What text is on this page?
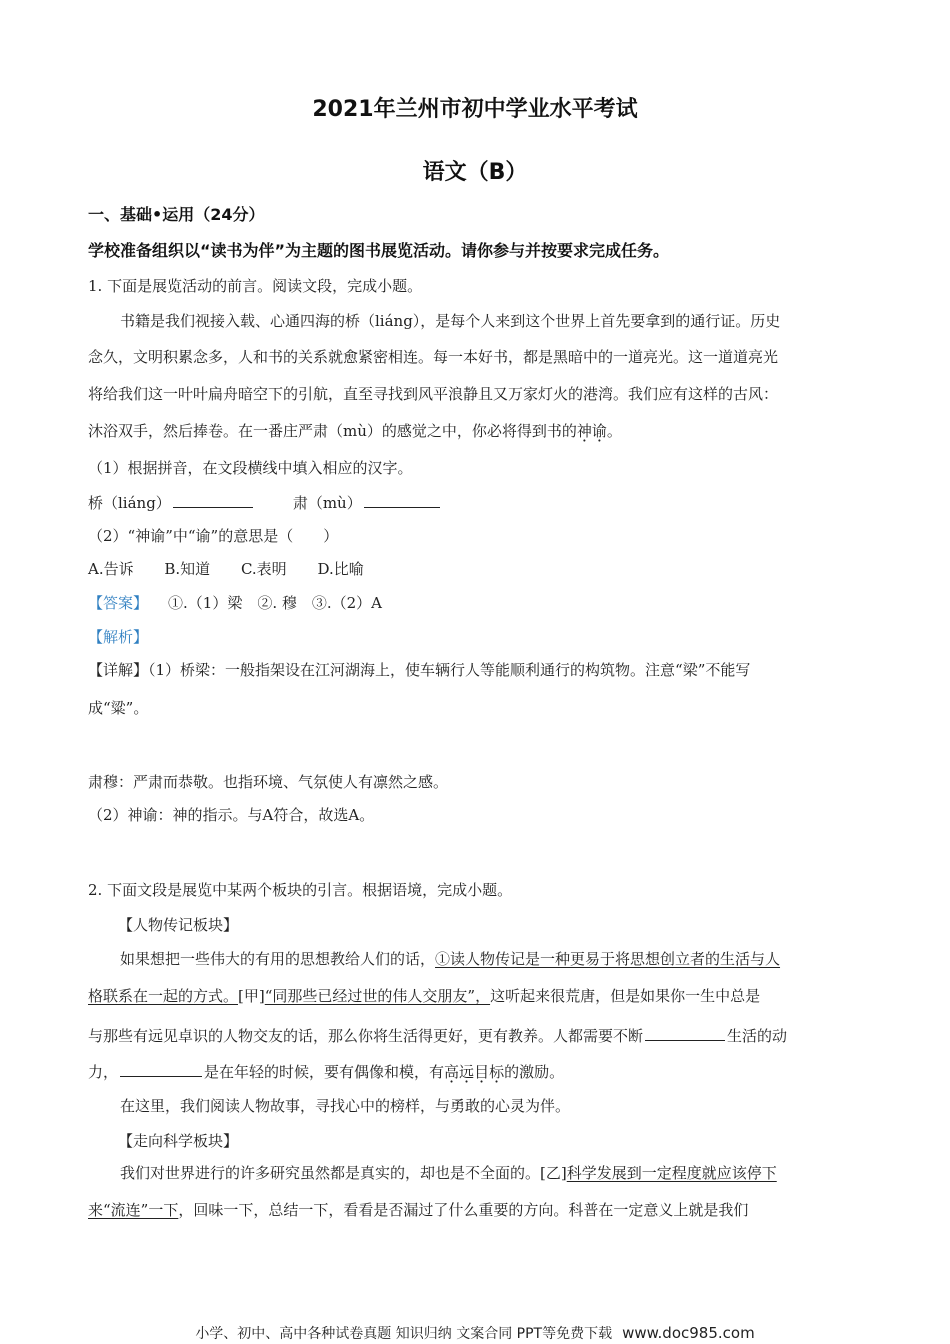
2021年兰州市初中学业水平考试
语文（B）
一、基础•运用（24分）
学校准备组织以“读书为伴”为主题的图书展览活动。请你参与并按要求完成任务。
1. 下面是展览活动的前言。阅读文段，完成小题。
书籍是我们视接入载、心通四海的桥（liáng），是每个人来到这个世界上首先要拿到的通行证。历史
念久，文明积累念多，人和书的关系就愈紧密相连。每一本好书，都是黑暗中的一道亮光。这一道道亮光
将给我们这一叶叶扁舟暗空下的引航，直至寻找到风平浪静且又万家灯火的港湾。我们应有这样的古风：
沐浴双手，然后捧卷。在一番庄严肃（mù）的感觉之中，你必将得到书的神谕。
（1）根据拼音，在文段横线中填入相应的汉字。
桥（liáng）	肃（mù）
（2）“神谕”中“谕”的意思是（　　）
A.告诉 B.知道 C.表明 D.比喻
【答案】 ①.（1）梁　②. 穆　③.（2）A
【解析】
【详解】（1）桥梁：一般指架设在江河湖海上，使车辆行人等能顺利通行的构筑物。注意“梁”不能写
成“粱”。
肃穆：严肃而恭敬。也指环境、气氛使人有凛然之感。
（2）神谕：神的指示。与A符合，故选A。
2. 下面文段是展览中某两个板块的引言。根据语境，完成小题。
【人物传记板块】
如果想把一些伟大的有用的思想教给人们的话，①读人物传记是一种更易于将思想创立者的生活与人
格联系在一起的方式。[甲]“同那些已经过世的伟人交朋友”，这听起来很荒唐，但是如果你一生中总是
与那些有远见卓识的人物交友的话，那么你将生活得更好，更有教养。人都需要不断	生活的动
力，	是在年轻的时候，要有偶像和模，有高远目标的激励。
在这里，我们阅读人物故事，寻找心中的榜样，与勇敢的心灵为伴。
【走向科学板块】
我们对世界进行的许多研究虽然都是真实的，却也是不全面的。[乙]科学发展到一定程度就应该停下
来“流连”一下，回味一下，总结一下，看看是否漏过了什么重要的方向。科普在一定意义上就是我们
小学、初中、高中各种试卷真题 知识归纳 文案合同 PPT等免费下载 www.doc985.com
